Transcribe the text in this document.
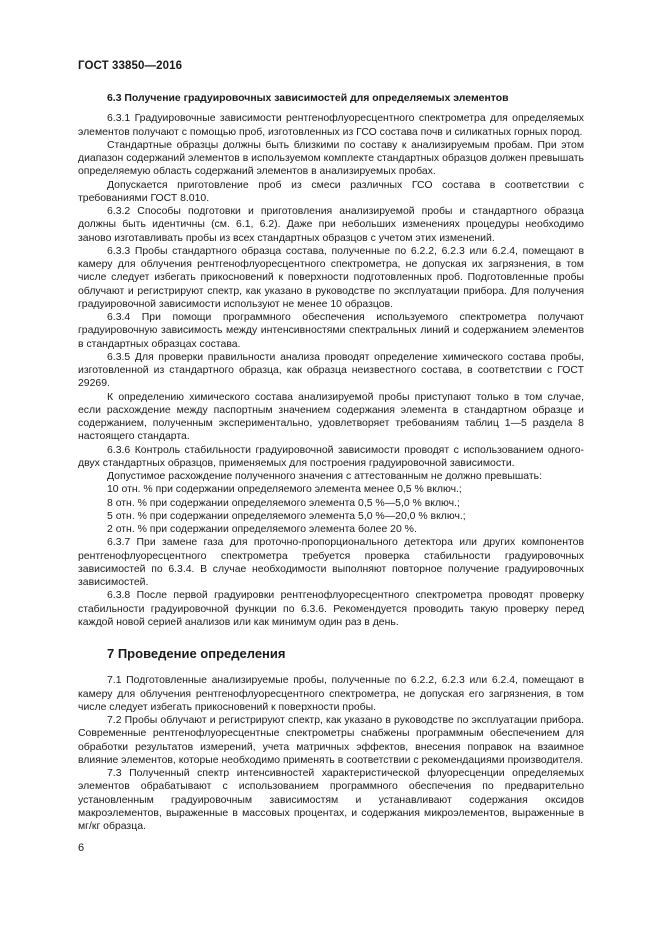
ГОСТ 33850—2016
6.3 Получение градуировочных зависимостей для определяемых элементов

6.3.1 Градуировочные зависимости рентгенофлуоресцентного спектрометра для определяемых элементов получают с помощью проб, изготовленных из ГСО состава почв и силикатных горных пород.

Стандартные образцы должны быть близкими по составу к анализируемым пробам. При этом диапазон содержаний элементов в используемом комплекте стандартных образцов должен превышать определяемую область содержаний элементов в анализируемых пробах.

Допускается приготовление проб из смеси различных ГСО состава в соответствии с требованиями ГОСТ 8.010.

6.3.2 Способы подготовки и приготовления анализируемой пробы и стандартного образца должны быть идентичны (см. 6.1, 6.2). Даже при небольших изменениях процедуры необходимо заново изготавливать пробы из всех стандартных образцов с учетом этих изменений.

6.3.3 Пробы стандартного образца состава, полученные по 6.2.2, 6.2.3 или 6.2.4, помещают в камеру для облучения рентгенофлуоресцентного спектрометра, не допуская их загрязнения, в том числе следует избегать прикосновений к поверхности подготовленных проб. Подготовленные пробы облучают и регистрируют спектр, как указано в руководстве по эксплуатации прибора. Для получения градуировочной зависимости используют не менее 10 образцов.

6.3.4 При помощи программного обеспечения используемого спектрометра получают градуировочную зависимость между интенсивностями спектральных линий и содержанием элементов в стандартных образцах состава.

6.3.5 Для проверки правильности анализа проводят определение химического состава пробы, изготовленной из стандартного образца, как образца неизвестного состава, в соответствии с ГОСТ 29269.

К определению химического состава анализируемой пробы приступают только в том случае, если расхождение между паспортным значением содержания элемента в стандартном образце и содержанием, полученным экспериментально, удовлетворяет требованиям таблиц 1—5 раздела 8 настоящего стандарта.

6.3.6 Контроль стабильности градуировочной зависимости проводят с использованием одного-двух стандартных образцов, применяемых для построения градуировочной зависимости.

Допустимое расхождение полученного значения с аттестованным не должно превышать:

10 отн. % при содержании определяемого элемента менее 0,5 % включ.;

8 отн. % при содержании определяемого элемента 0,5 %—5,0 % включ.;

5 отн. % при содержании определяемого элемента 5,0 %—20,0 % включ.;

2 отн. % при содержании определяемого элемента более 20 %.

6.3.7 При замене газа для проточно-пропорционального детектора или других компонентов рентгенофлуоресцентного спектрометра требуется проверка стабильности градуировочных зависимостей по 6.3.4. В случае необходимости выполняют повторное получение градуировочных зависимостей.

6.3.8 После первой градуировки рентгенофлуоресцентного спектрометра проводят проверку стабильности градуировочной функции по 6.3.6. Рекомендуется проводить такую проверку перед каждой новой серией анализов или как минимум один раз в день.

7 Проведение определения

7.1 Подготовленные анализируемые пробы, полученные по 6.2.2, 6.2.3 или 6.2.4, помещают в камеру для облучения рентгенофлуоресцентного спектрометра, не допуская его загрязнения, в том числе следует избегать прикосновений к поверхности пробы.

7.2 Пробы облучают и регистрируют спектр, как указано в руководстве по эксплуатации прибора. Современные рентгенофлуоресцентные спектрометры снабжены программным обеспечением для обработки результатов измерений, учета матричных эффектов, внесения поправок на взаимное влияние элементов, которые необходимо применять в соответствии с рекомендациями производителя.

7.3 Полученный спектр интенсивностей характеристической флуоресценции определяемых элементов обрабатывают с использованием программного обеспечения по предварительно установленным градуировочным зависимостям и устанавливают содержания оксидов макроэлементов, выраженные в массовых процентах, и содержания микроэлементов, выраженные в мг/кг образца.

6
